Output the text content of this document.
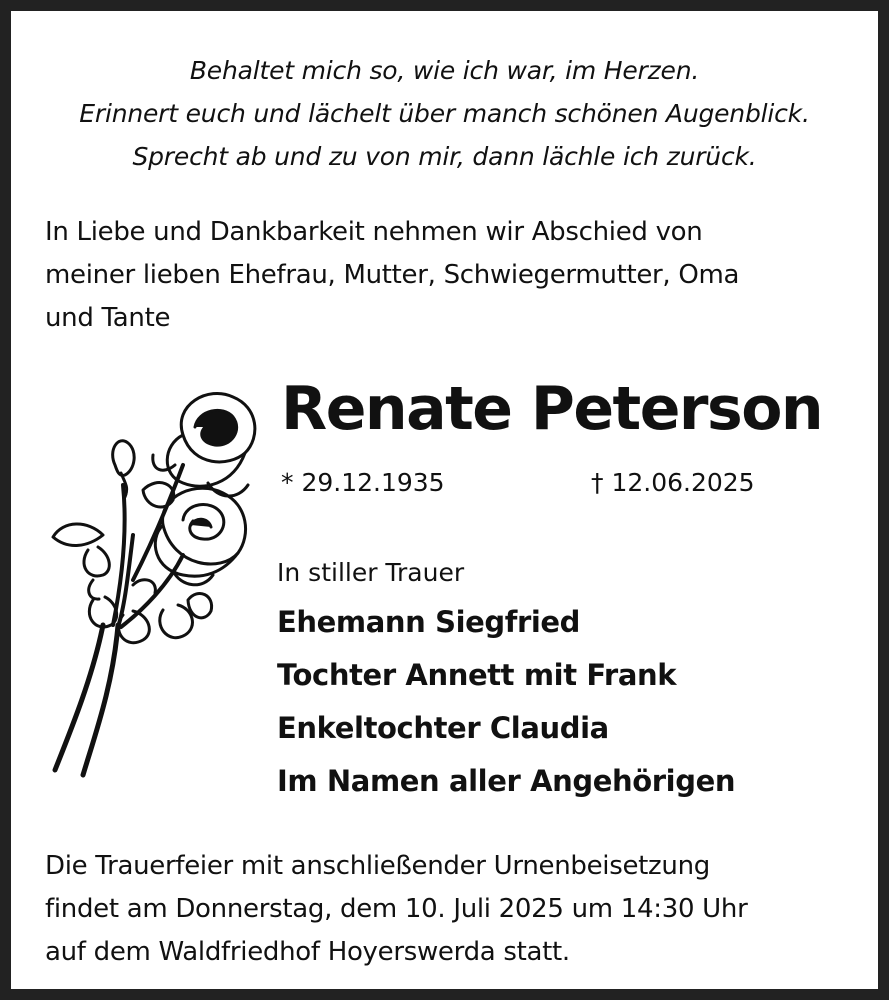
Behaltet mich so, wie ich war, im Herzen.
Erinnert euch und lächelt über manch schönen Augenblick.
Sprecht ab und zu von mir, dann lächle ich zurück.
In Liebe und Dankbarkeit nehmen wir Abschied von
meiner lieben Ehefrau, Mutter, Schwiegermutter, Oma
und Tante
Renate Peterson
* 29.12.1935	† 12.06.2025
In stiller Trauer
Ehemann Siegfried
Tochter Annett mit Frank
Enkeltochter Claudia
Im Namen aller Angehörigen
Die Trauerfeier mit anschließender Urnenbeisetzung
findet am Donnerstag, dem 10. Juli 2025 um 14:30 Uhr
auf dem Waldfriedhof Hoyerswerda statt.
